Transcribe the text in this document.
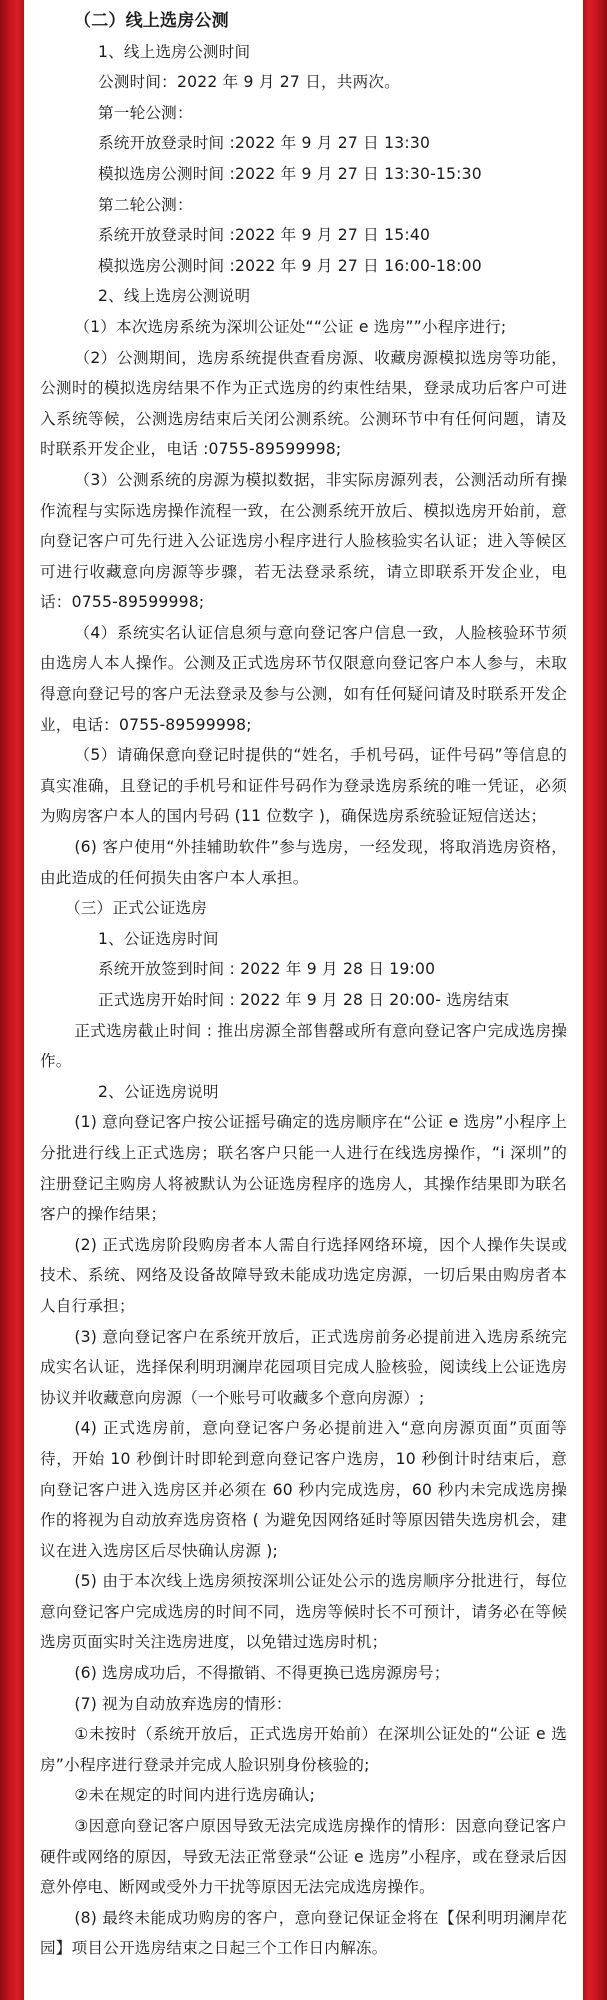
（二）线上选房公测

1、线上选房公测时间

公测时间：2022 年 9 月 27 日，共两次。

第一轮公测：

系统开放登录时间 :2022 年 9 月 27 日 13:30

模拟选房公测时间 :2022 年 9 月 27 日 13:30-15:30

第二轮公测：

系统开放登录时间 :2022 年 9 月 27 日 15:40

模拟选房公测时间 :2022 年 9 月 27 日 16:00-18:00

2、线上选房公测说明

（1）本次选房系统为深圳公证处““公证 e 选房””小程序进行;

（2）公测期间，选房系统提供查看房源、收藏房源模拟选房等功能，公测时的模拟选房结果不作为正式选房的约束性结果，登录成功后客户可进入系统等候，公测选房结束后关闭公测系统。公测环节中有任何问题，请及时联系开发企业，电话 :0755-89599998;

（3）公测系统的房源为模拟数据，非实际房源列表，公测活动所有操作流程与实际选房操作流程一致，在公测系统开放后、模拟选房开始前，意向登记客户可先行进入公证选房小程序进行人脸核验实名认证；进入等候区可进行收藏意向房源等步骤，若无法登录系统，请立即联系开发企业，电话：0755-89599998;

（4）系统实名认证信息须与意向登记客户信息一致，人脸核验环节须由选房人本人操作。公测及正式选房环节仅限意向登记客户本人参与，未取得意向登记号的客户无法登录及参与公测，如有任何疑问请及时联系开发企业，电话：0755-89599998;

（5）请确保意向登记时提供的“姓名，手机号码，证件号码”等信息的真实准确，且登记的手机号和证件号码作为登录选房系统的唯一凭证，必须为购房客户本人的国内号码 (11 位数字 )，确保选房系统验证短信送达；

(6) 客户使用“外挂辅助软件”参与选房，一经发现，将取消选房资格，由此造成的任何损失由客户本人承担。

（三）正式公证选房

1、公证选房时间

系统开放签到时间 : 2022 年 9 月 28 日 19:00

正式选房开始时间 : 2022 年 9 月 28 日 20:00- 选房结束

正式选房截止时间 : 推出房源全部售罄或所有意向登记客户完成选房操作。

2、公证选房说明

(1) 意向登记客户按公证摇号确定的选房顺序在“公证 e 选房”小程序上分批进行线上正式选房；联名客户只能一人进行在线选房操作，“i 深圳”的注册登记主购房人将被默认为公证选房程序的选房人，其操作结果即为联名客户的操作结果；

(2) 正式选房阶段购房者本人需自行选择网络环境，因个人操作失误或技术、系统、网络及设备故障导致未能成功选定房源，一切后果由购房者本人自行承担；

(3) 意向登记客户在系统开放后，正式选房前务必提前进入选房系统完成实名认证，选择保利明玥澜岸花园项目完成人脸核验，阅读线上公证选房协议并收藏意向房源（一个账号可收藏多个意向房源）;

(4) 正式选房前，意向登记客户务必提前进入“意向房源页面”页面等待，开始 10 秒倒计时即轮到意向登记客户选房，10 秒倒计时结束后，意向登记客户进入选房区并必须在 60 秒内完成选房，60 秒内未完成选房操作的将视为自动放弃选房资格 ( 为避免因网络延时等原因错失选房机会，建议在进入选房区后尽快确认房源 );

(5) 由于本次线上选房须按深圳公证处公示的选房顺序分批进行，每位意向登记客户完成选房的时间不同，选房等候时长不可预计，请务必在等候选房页面实时关注选房进度，以免错过选房时机；

(6) 选房成功后，不得撤销、不得更换已选房源房号；

(7) 视为自动放弃选房的情形：

①未按时（系统开放后，正式选房开始前）在深圳公证处的“公证 e 选房”小程序进行登录并完成人脸识别身份核验的;

②未在规定的时间内进行选房确认;

③因意向登记客户原因导致无法完成选房操作的情形：因意向登记客户硬件或网络的原因，导致无法正常登录“公证 e 选房”小程序，或在登录后因意外停电、断网或受外力干扰等原因无法完成选房操作。

(8) 最终未能成功购房的客户，意向登记保证金将在【保利明玥澜岸花园】项目公开选房结束之日起三个工作日内解冻。
